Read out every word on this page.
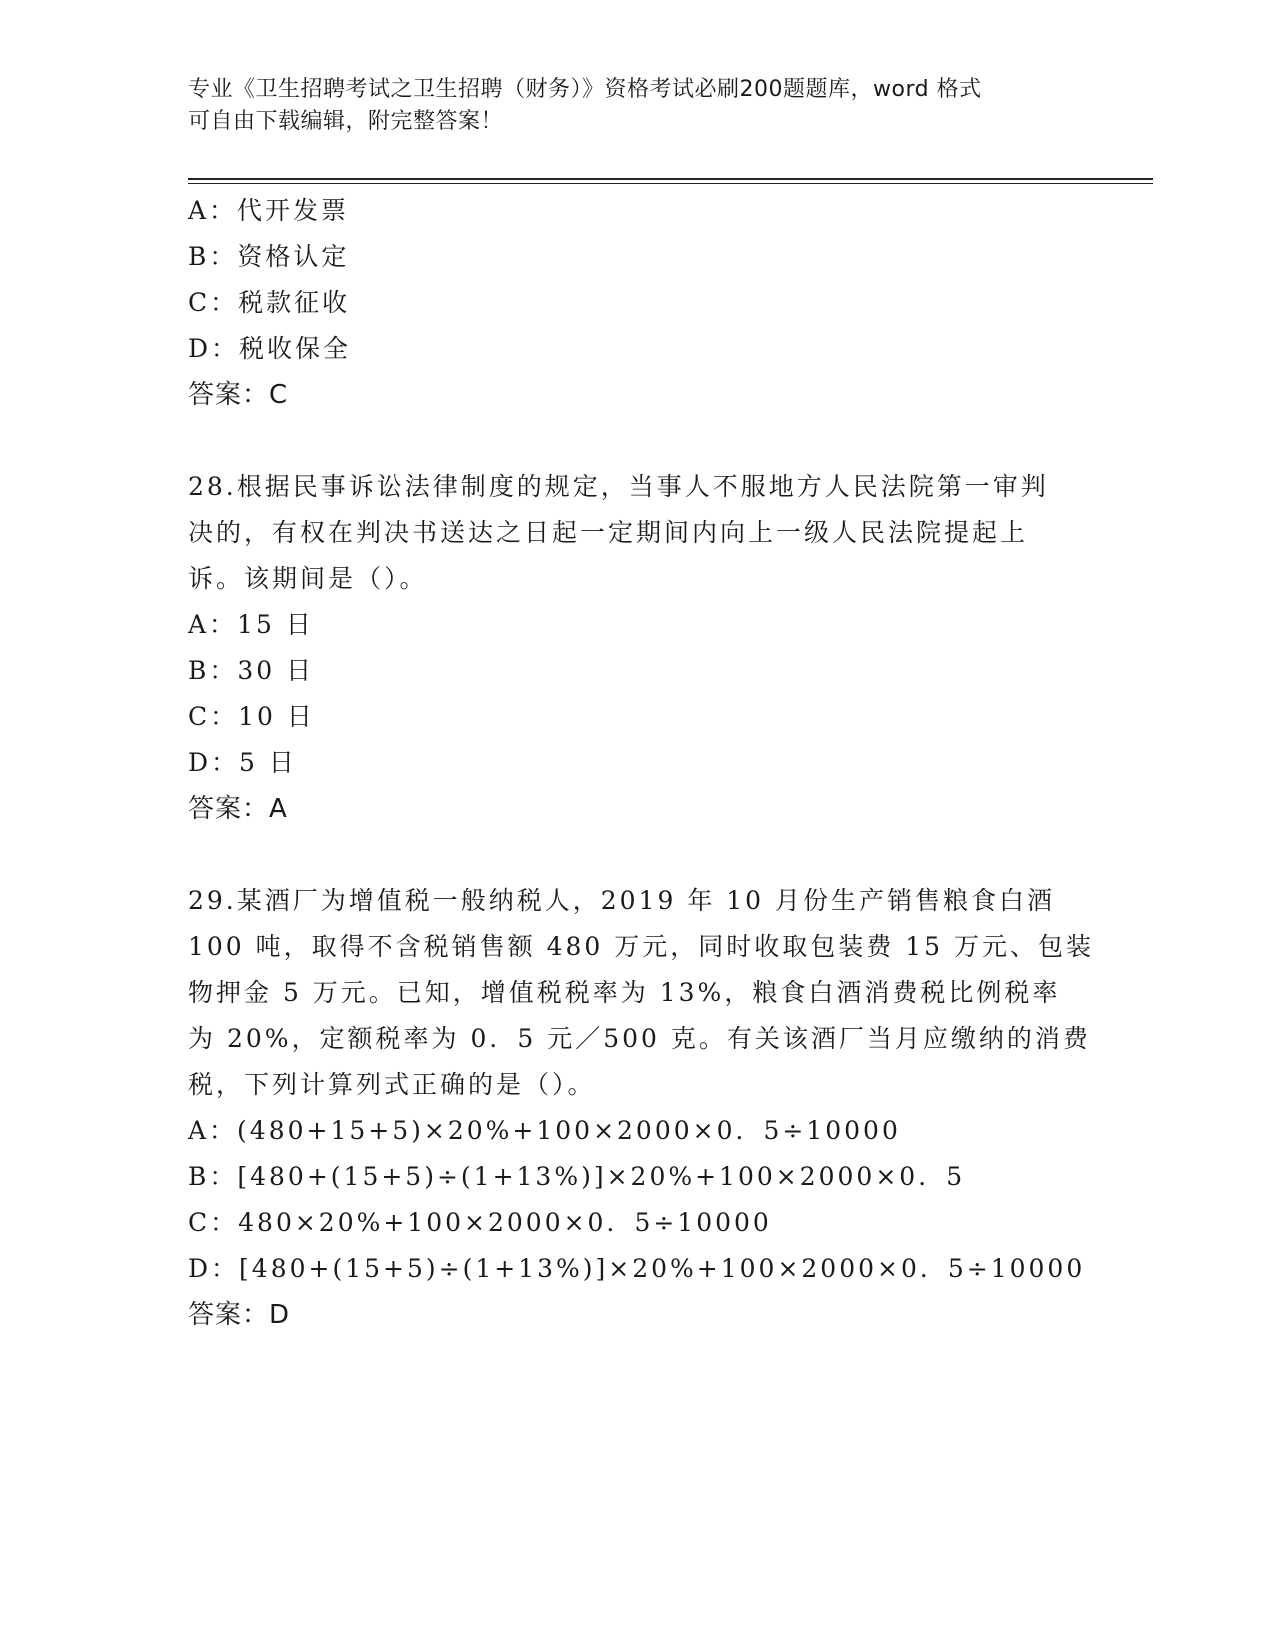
专业《卫生招聘考试之卫生招聘（财务）》资格考试必刷200题题库，word 格式
可自由下载编辑，附完整答案！
A：代开发票
B：资格认定
C：税款征收
D：税收保全
答案：C
28.根据民事诉讼法律制度的规定，当事人不服地方人民法院第一审判
决的，有权在判决书送达之日起一定期间内向上一级人民法院提起上
诉。该期间是（）。
A：15 日
B：30 日
C：10 日
D：5 日
答案：A
29.某酒厂为增值税一般纳税人，2019 年 10 月份生产销售粮食白酒
100 吨，取得不含税销售额 480 万元，同时收取包装费 15 万元、包装
物押金 5 万元。已知，增值税税率为 13%，粮食白酒消费税比例税率
为 20%，定额税率为 0．5 元／500 克。有关该酒厂当月应缴纳的消费
税，下列计算列式正确的是（）。
A：(480+15+5)×20%+100×2000×0．5÷10000
B：[480+(15+5)÷(1+13%)]×20%+100×2000×0．5
C：480×20%+100×2000×0．5÷10000
D：[480+(15+5)÷(1+13%)]×20%+100×2000×0．5÷10000
答案：D
